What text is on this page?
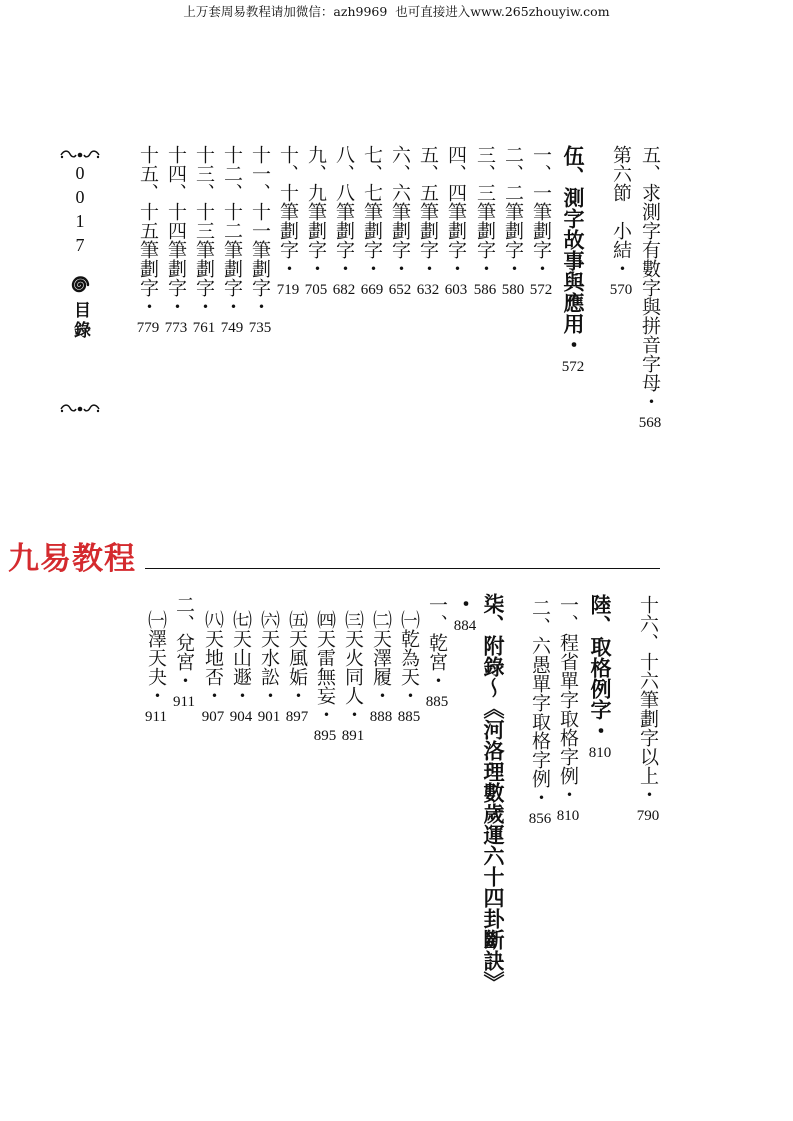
上万套周易教程请加微信：azh9969  也可直接进入www.265zhouyiw.com
0017
目錄	五、求測字有數字與拼音字母・
568
第六節　小結・
570
伍、測字故事與應用・
572
一、一筆劃字・
572
二、二筆劃字・
580
三、三筆劃字・
586
四、四筆劃字・
603
五、五筆劃字・
632
六、六筆劃字・
652
七、七筆劃字・
669
八、八筆劃字・
682
九、九筆劃字・
705
十、十筆劃字・
719
十一、十一筆劃字・
735
十二、十二筆劃字・
749
十三、十三筆劃字・
761
十四、十四筆劃字・
773
十五、十五筆劃字・
779
九易教程
十六、十六筆劃字以上・
790
陸、取格例字・
810
一、程省單字取格字例・
810
二、六愚單字取格字例・
856
柒、附錄〜《河洛理數歲運六十四卦斷訣》
・
884
一、乾宮・
885
㈠乾為天・
885
㈡天澤履・
888
㈢天火同人・
891
㈣天雷無妄・
895
㈤天風姤・
897
㈥天水訟・
901
㈦天山遯・
904
㈧天地否・
907
二、兌宮・
911
㈠澤天夬・
911
